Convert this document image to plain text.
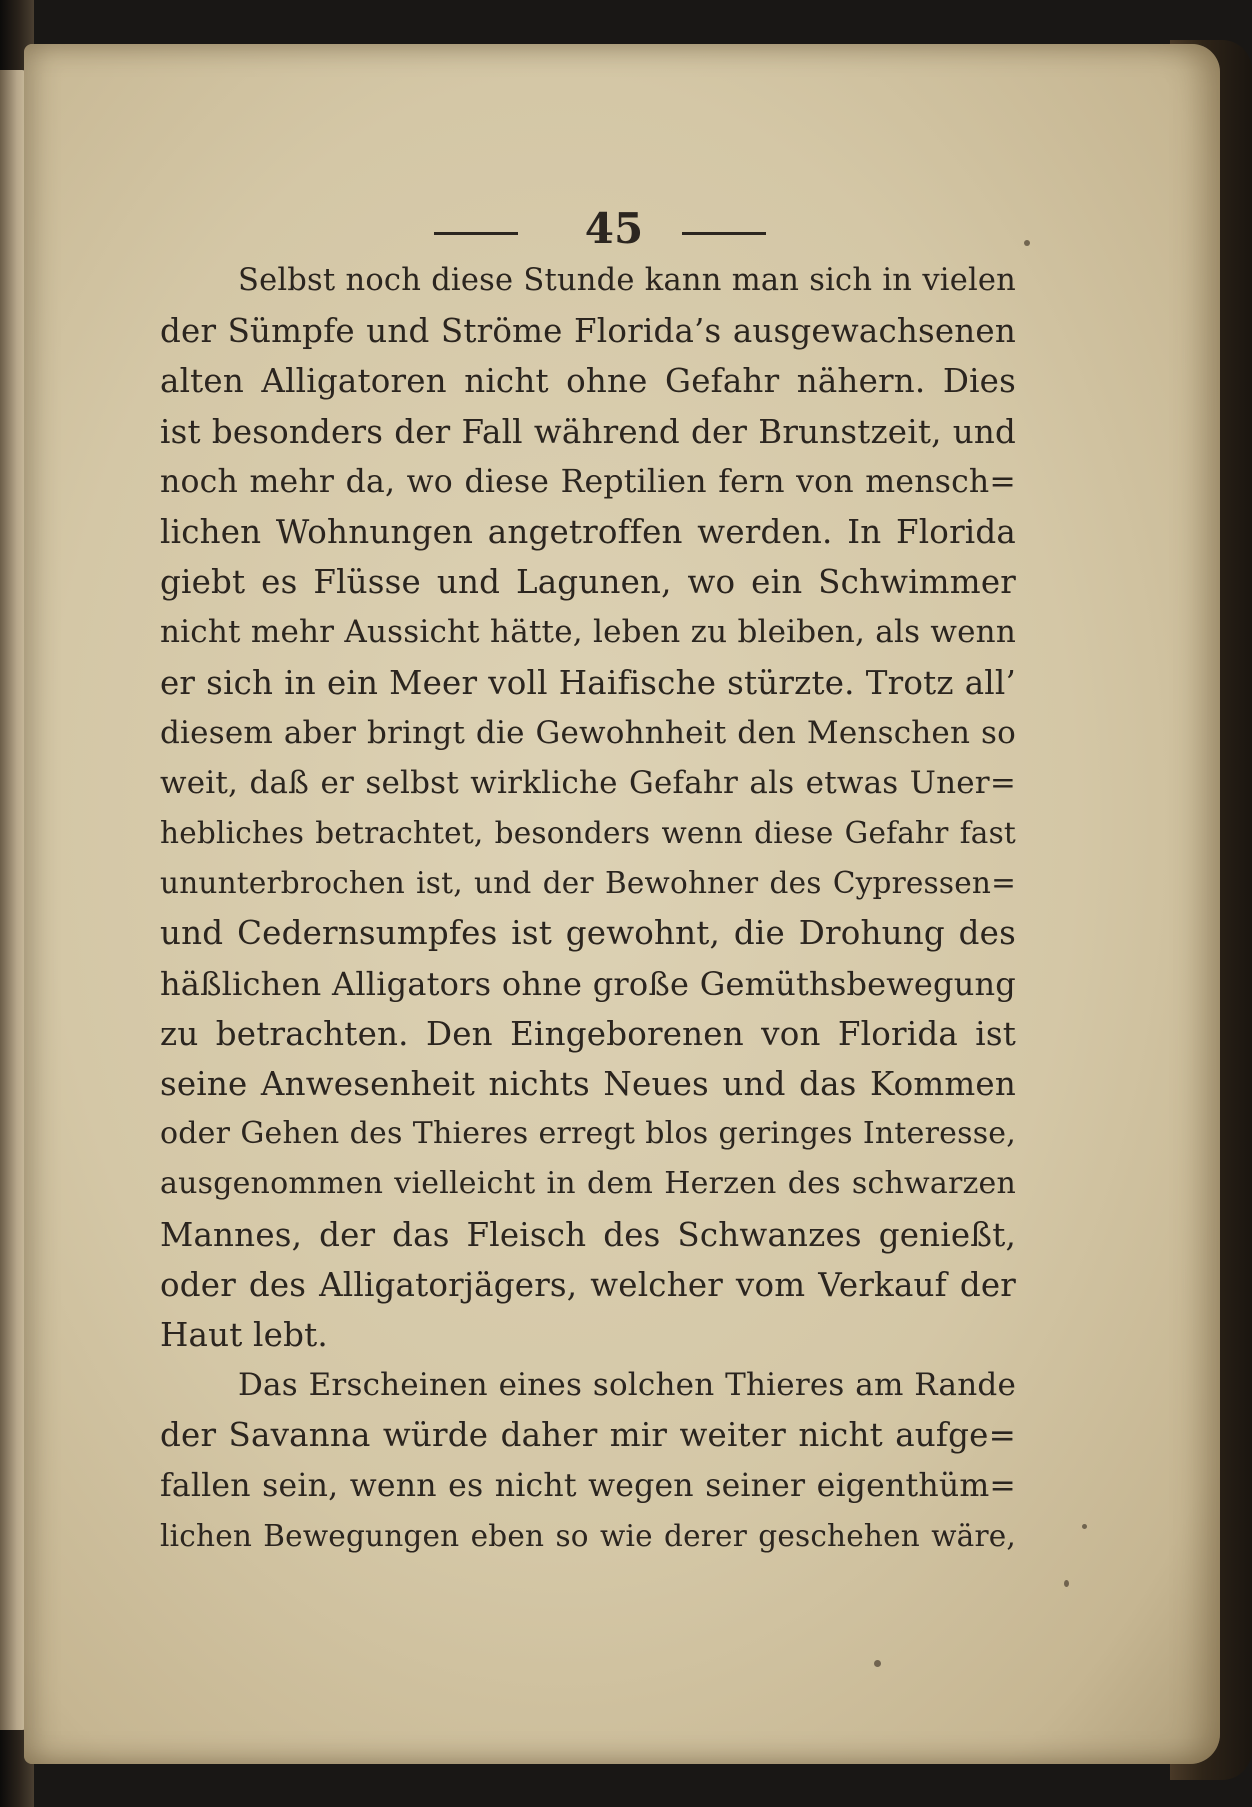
45
Selbst noch diese Stunde kann man sich in vielen
der Sümpfe und Ströme Florida’s ausgewachsenen
alten Alligatoren nicht ohne Gefahr nähern. Dies
ist besonders der Fall während der Brunstzeit, und
noch mehr da, wo diese Reptilien fern von mensch=
lichen Wohnungen angetroffen werden. In Florida
giebt es Flüsse und Lagunen, wo ein Schwimmer
nicht mehr Aussicht hätte, leben zu bleiben, als wenn
er sich in ein Meer voll Haifische stürzte. Trotz all’
diesem aber bringt die Gewohnheit den Menschen so
weit, daß er selbst wirkliche Gefahr als etwas Uner=
hebliches betrachtet, besonders wenn diese Gefahr fast
ununterbrochen ist, und der Bewohner des Cypressen=
und Cedernsumpfes ist gewohnt, die Drohung des
häßlichen Alligators ohne große Gemüthsbewegung
zu betrachten. Den Eingeborenen von Florida ist
seine Anwesenheit nichts Neues und das Kommen
oder Gehen des Thieres erregt blos geringes Interesse,
ausgenommen vielleicht in dem Herzen des schwarzen
Mannes, der das Fleisch des Schwanzes genießt,
oder des Alligatorjägers, welcher vom Verkauf der
Haut lebt.
Das Erscheinen eines solchen Thieres am Rande
der Savanna würde daher mir weiter nicht aufge=
fallen sein, wenn es nicht wegen seiner eigenthüm=
lichen Bewegungen eben so wie derer geschehen wäre,
